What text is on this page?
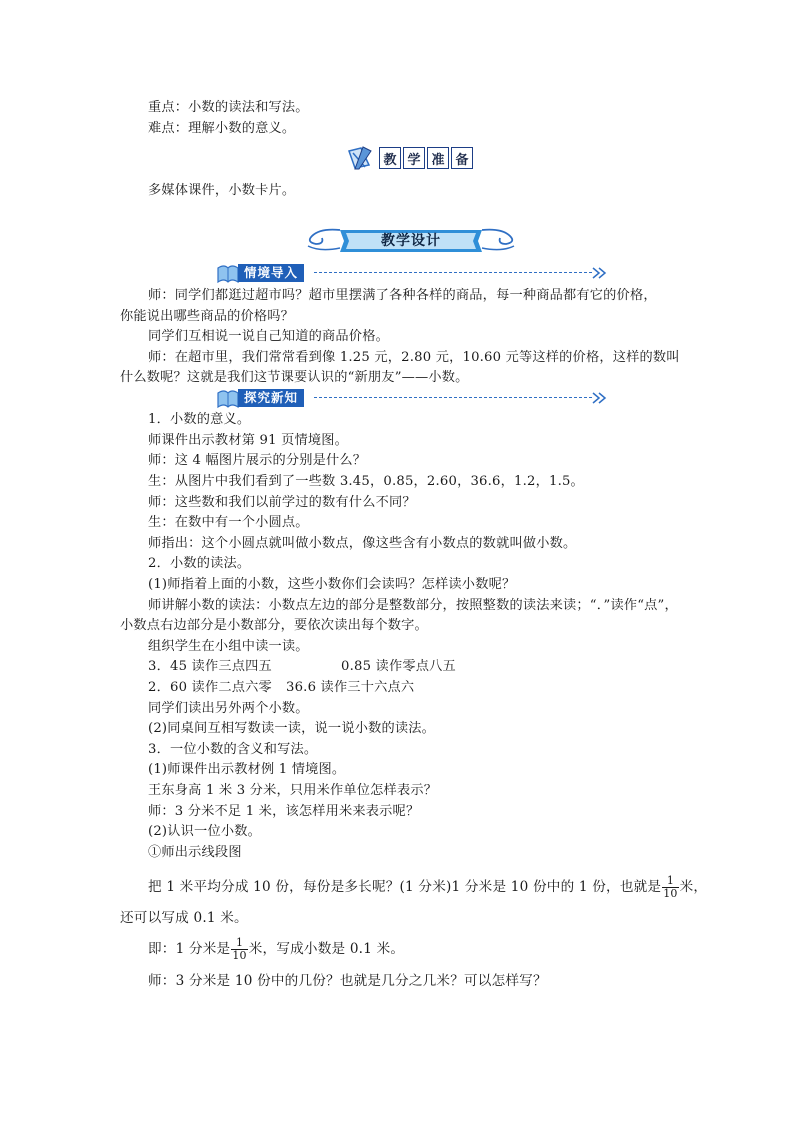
重点：小数的读法和写法。
难点：理解小数的意义。
教 学 准 备
多媒体课件，小数卡片。
教学设计
情境导入
师：同学们都逛过超市吗？超市里摆满了各种各样的商品，每一种商品都有它的价格，
你能说出哪些商品的价格吗？
同学们互相说一说自己知道的商品价格。
师：在超市里，我们常常看到像 1.25 元，2.80 元，10.60 元等这样的价格，这样的数叫
什么数呢？这就是我们这节课要认识的“新朋友”——小数。
探究新知
1．小数的意义。
师课件出示教材第 91 页情境图。
师：这 4 幅图片展示的分别是什么？
生：从图片中我们看到了一些数 3.45，0.85，2.60，36.6，1.2，1.5。
师：这些数和我们以前学过的数有什么不同？
生：在数中有一个小圆点。
师指出：这个小圆点就叫做小数点，像这些含有小数点的数就叫做小数。
2．小数的读法。
(1)师指着上面的小数，这些小数你们会读吗？怎样读小数呢？
师讲解小数的读法：小数点左边的部分是整数部分，按照整数的读法来读；“．”读作“点”，
小数点右边部分是小数部分，要依次读出每个数字。
组织学生在小组中读一读。
3．45 读作三点四五	0.85 读作零点八五
2．60 读作二点六零 36.6 读作三十六点六
同学们读出另外两个小数。
(2)同桌间互相写数读一读，说一说小数的读法。
3．一位小数的含义和写法。
(1)师课件出示教材例 1 情境图。
王东身高 1 米 3 分米，只用米作单位怎样表示？
师：3 分米不足 1 米，该怎样用米来表示呢？
(2)认识一位小数。
①师出示线段图
把 1 米平均分成 10 份，每份是多长呢？(1 分米)1 分米是 10 份中的 1 份，也就是 $\frac{1}{10}$ 米，
还可以写成 0.1 米。
即：1 分米是 $\frac{1}{10}$ 米，写成小数是 0.1 米。
师：3 分米是 10 份中的几份？也就是几分之几米？可以怎样写？
